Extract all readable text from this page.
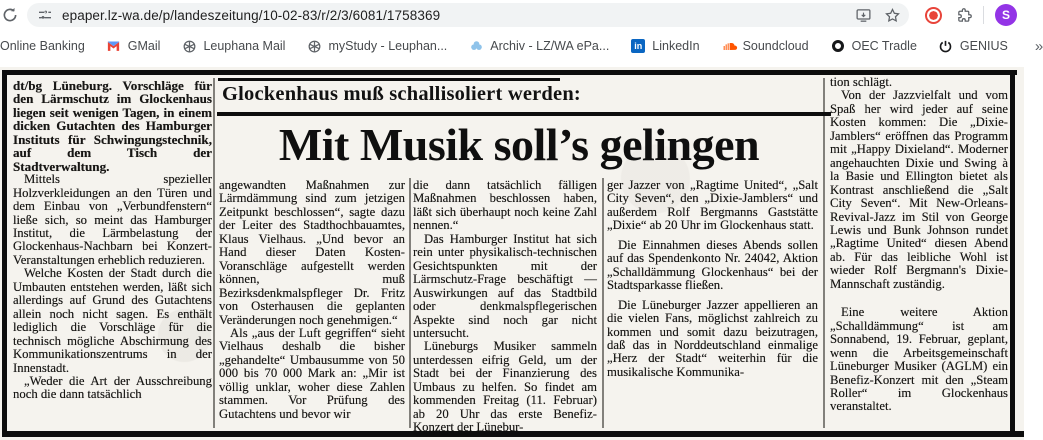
epaper.lz-wa.de/p/landeszeitung/10-02-83/r/2/3/6081/1758369	S
Online Banking	GMail	Leuphana Mail	myStudy - Leuphan...	Archiv - LZ/WA ePa...	in LinkedIn	Soundcloud	OEC Tradle	GENIUS »
Glockenhaus muß schallisoliert werden:
Mit Musik soll’s gelingen

dt/bg Lüneburg. Vorschläge für den Lärmschutz im Glockenhaus liegen seit wenigen Tagen, in einem dicken Gutachten des Hamburger Instituts für Schwingungstechnik, auf dem Tisch der Stadtverwaltung.

Mittels spezieller Holzverkleidungen an den Türen und dem Einbau von „Verbundfenstern“ ließe sich, so meint das Hamburger Institut, die Lärmbelastung der Glockenhaus-Nachbarn bei Konzert-Veranstaltungen erheblich reduzieren.

Welche Kosten der Stadt durch die Umbauten entstehen werden, läßt sich allerdings auf Grund des Gutachtens allein noch nicht sagen. Es enthält lediglich die Vorschläge für die technisch mögliche Abschirmung des Kommunikationszentrums in der Innenstadt.

„Weder die Art der Ausschreibung noch die dann tatsächlich

angewandten Maßnahmen zur Lärmdämmung sind zum jetzigen Zeitpunkt beschlossen“, sagte dazu der Leiter des Stadthochbauamtes, Klaus Vielhaus. „Und bevor an Hand dieser Daten Kosten-Voranschläge aufgestellt werden können, muß Bezirksdenkmalspfleger Dr. Fritz von Osterhausen die geplanten Veränderungen noch genehmigen.“

Als „aus der Luft gegriffen“ sieht Vielhaus deshalb die bisher „gehandelte“ Umbausumme von 50 000 bis 70 000 Mark an: „Mir ist völlig unklar, woher diese Zahlen stammen. Vor Prüfung des Gutachtens und bevor wir

die dann tatsächlich fälligen Maßnahmen beschlossen haben, läßt sich überhaupt noch keine Zahl nennen.“

Das Hamburger Institut hat sich rein unter physikalisch-technischen Gesichtspunkten mit der Lärmschutz-Frage beschäftigt — Auswirkungen auf das Stadtbild oder denkmalspflegerischen Aspekte sind noch gar nicht untersucht.

Lüneburgs Musiker sammeln unterdessen eifrig Geld, um der Stadt bei der Finanzierung des Umbaus zu helfen. So findet am kommenden Freitag (11. Februar) ab 20 Uhr das erste Benefiz-Konzert der Lünebur-

ger Jazzer von „Ragtime United“, „Salt City Seven“, den „Dixie-Jamblers“ und außerdem Rolf Bergmanns Gaststätte „Dixie“ ab 20 Uhr im Glockenhaus statt.

Die Einnahmen dieses Abends sollen auf das Spendenkonto Nr. 24042, Aktion „Schalldämmung Glockenhaus“ bei der Stadtsparkasse fließen.

Die Lüneburger Jazzer appellieren an die vielen Fans, möglichst zahlreich zu kommen und somit dazu beizutragen, daß das in Norddeutschland einmalige „Herz der Stadt“ weiterhin für die musikalische Kommunika-

tion schlägt.

Von der Jazzvielfalt und vom Spaß her wird jeder auf seine Kosten kommen: Die „Dixie-Jamblers“ eröffnen das Programm mit „Happy Dixieland“. Moderner angehauchten Dixie und Swing à la Basie und Ellington bietet als Kontrast anschließend die „Salt City Seven“. Mit New-Orleans-Revival-Jazz im Stil von George Lewis und Bunk Johnson rundet „Ragtime United“ diesen Abend ab. Für das leibliche Wohl ist wieder Rolf Bergmann's Dixie-Mannschaft zuständig.

Eine weitere Aktion „Schalldämmung“ ist am Sonnabend, 19. Februar, geplant, wenn die Arbeitsgemeinschaft Lüneburger Musiker (AGLM) ein Benefiz-Konzert mit den „Steam Roller“ im Glockenhaus veranstaltet.
